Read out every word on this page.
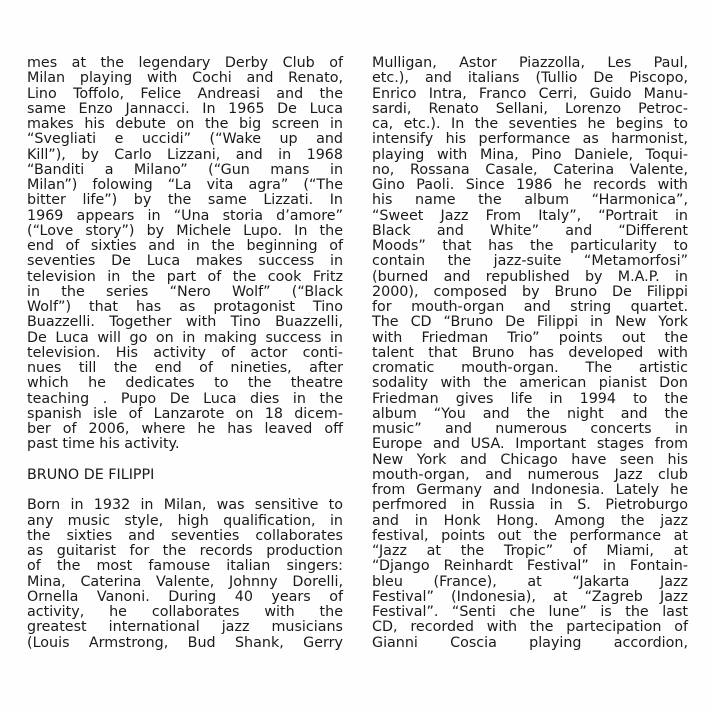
mes at the legendary Derby Club of
Milan playing with Cochi and Renato,
Lino Toffolo, Felice Andreasi and the
same Enzo Jannacci. In 1965 De Luca
makes his debute on the big screen in
“Svegliati e uccidi” (“Wake up and
Kill”), by Carlo Lizzani, and in 1968
“Banditi a Milano” (“Gun mans in
Milan”) folowing “La vita agra” (“The
bitter life”) by the same Lizzati. In
1969 appears in “Una storia d’amore”
(“Love story”) by Michele Lupo. In the
end of sixties and in the beginning of
seventies De Luca makes success in
television in the part of the cook Fritz
in the series “Nero Wolf” (“Black
Wolf”) that has as protagonist Tino
Buazzelli. Together with Tino Buazzelli,
De Luca will go on in making success in
television. His activity of actor conti-
nues till the end of nineties, after
which he dedicates to the theatre
teaching . Pupo De Luca dies in the
spanish isle of Lanzarote on 18 dicem-
ber of 2006, where he has leaved off
past time his activity.
BRUNO DE FILIPPI
Born in 1932 in Milan, was sensitive to
any music style, high qualification, in
the sixties and seventies collaborates
as guitarist for the records production
of the most famouse italian singers:
Mina, Caterina Valente, Johnny Dorelli,
Ornella Vanoni. During 40 years of
activity, he collaborates with the
greatest international jazz musicians
(Louis Armstrong, Bud Shank, Gerry
Mulligan, Astor Piazzolla, Les Paul,
etc.), and italians (Tullio De Piscopo,
Enrico Intra, Franco Cerri, Guido Manu-
sardi, Renato Sellani, Lorenzo Petroc-
ca, etc.). In the seventies he begins to
intensify his performance as harmonist,
playing with Mina, Pino Daniele, Toqui-
no, Rossana Casale, Caterina Valente,
Gino Paoli. Since 1986 he records with
his name the album “Harmonica”,
“Sweet Jazz From Italy”, “Portrait in
Black and White” and “Different
Moods” that has the particularity to
contain the jazz-suite “Metamorfosi”
(burned and republished by M.A.P. in
2000), composed by Bruno De Filippi
for mouth-organ and string quartet.
The CD “Bruno De Filippi in New York
with Friedman Trio” points out the
talent that Bruno has developed with
cromatic mouth-organ. The artistic
sodality with the american pianist Don
Friedman gives life in 1994 to the
album “You and the night and the
music” and numerous concerts in
Europe and USA. Important stages from
New York and Chicago have seen his
mouth-organ, and numerous Jazz club
from Germany and Indonesia. Lately he
perfmored in Russia in S. Pietroburgo
and in Honk Hong. Among the jazz
festival, points out the performance at
“Jazz at the Tropic” of Miami, at
“Django Reinhardt Festival” in Fontain-
bleu (France), at “Jakarta Jazz
Festival” (Indonesia), at “Zagreb Jazz
Festival”. “Senti che lune” is the last
CD, recorded with the partecipation of
Gianni Coscia playing accordion,
